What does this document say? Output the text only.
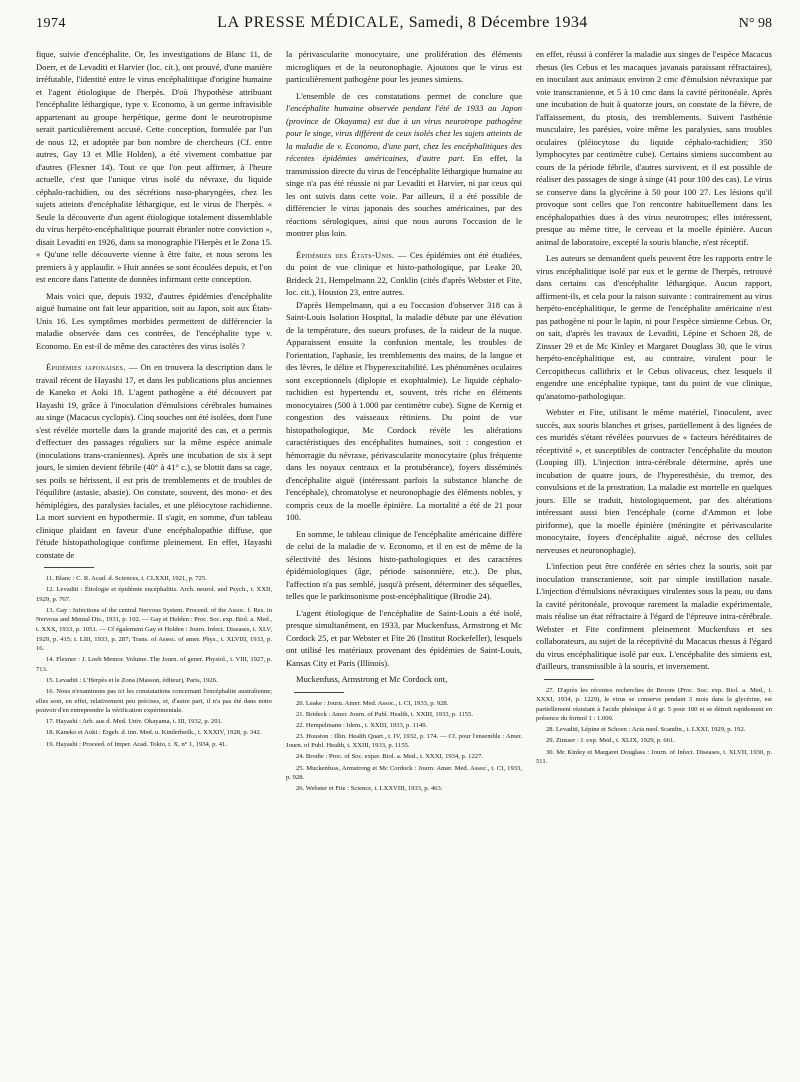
1974	LA PRESSE MÉDICALE, Samedi, 8 Décembre 1934	N° 98

fique, suivie d'encéphalite. Or, les investigations de Blanc 11, de Doerr, et de Levaditi et Harvier (loc. cit.), ont prouvé, d'une manière irréfutable, l'identité entre le virus encéphalitique d'origine humaine et l'agent étiologique de l'herpès. D'où l'hypothèse attribuant l'encéphalite léthargique, type v. Economo, à un germe infravisible appartenant au groupe herpétique, germe dont le neurotropisme serait particulièrement accusé. Cette conception, formulée par l'un de nous 12, et adoptée par bon nombre de chercheurs (Cf. entre autres, Gay 13 et Mlle Holden), a été vivement combattue par d'autres (Flexner 14). Tout ce que l'on peut affirmer, à l'heure actuelle, c'est que l'unique virus isolé du névraxe, du liquide céphalo-rachidien, ou des sécrétions naso-pharyngées, chez les sujets atteints d'encéphalite léthargique, est le virus de l'herpès. « Seule la découverte d'un agent étiologique totalement dissemblable du virus herpéto-encéphalitique pourrait ébranler notre conviction », disait Levaditi en 1926, dans sa monographie l'Herpès et le Zona 15. « Qu'une telle découverte vienne à être faite, et nous serons les premiers à y applaudir. » Huit années se sont écoulées depuis, et l'on est encore dans l'attente de données infirmant cette conception.

Mais voici que, depuis 1932, d'autres épidémies d'encéphalite aiguë humaine ont fait leur apparition, soit au Japon, soit aux États-Unis 16. Les symptômes morbides permettent de différencier la maladie observée dans ces contrées, de l'encéphalite type v. Economo. En est-il de même des caractères des virus isolés ?

Épidémies japonaises. — On en trouvera la description dans le travail récent de Hayashi 17, et dans les publications plus anciennes de Kaneko et Aoki 18. L'agent pathogène a été découvert par Hayashi 19, grâce à l'inoculation d'émulsions cérébrales humaines au singe (Macacus cyclopis). Cinq souches ont été isolées, dont l'une s'est révélée mortelle dans la grande majorité des cas, et a permis d'effectuer des passages réguliers sur la même espèce animale (inoculations trans-craniennes). Après une incubation de six à sept jours, le simien devient fébrile (40° à 41° c.), se blottit dans sa cage, ses poils se hérissent, il est pris de tremblements et de troubles de l'équilibre (astasie, abasie). On constate, souvent, des mono- et des hémiplégies, des paralysies faciales, et une pléiocytose rachidienne. La mort survient en hypothermie. Il s'agit, en somme, d'un tableau clinique plaidant en faveur d'une encéphalopathie diffuse, que l'étude histopathologique confirme pleinement. En effet, Hayashi constate de

11. Blanc : C. R. Acad. d. Sciences, t. CLXXII, 1921, p. 725.

12. Levaditi : Étiologie et épidémie encéphalitis. Arch. neurol. and Psych., t. XXII, 1929, p. 767.

13. Gay : Infections of the central Nervous System. Proceed. of the Assoc. f. Res. in Nervous and Mental Dis., 1931, p. 102. — Gay et Holden : Proc. Soc. exp. Biol. a. Med., t. XXX, 1933, p. 1051. — Cf également Gay et Holden : Journ. Infect. Diseases, t. XLV, 1929, p. 415; t. LIII, 1933, p. 287; Trans. of Assoc. of amer. Phys., t. XLVIII, 1933, p. 16.

14. Flexner : J. Loeb Memor. Volume. The Journ. of gener. Physiol., t. VIII, 1927, p. 713.

15. Levaditi : L'Herpès et le Zona (Masson, éditeur), Paris, 1926.

16. Nous n'examinons pas ici les constatations concernant l'encéphalite australienne; elles sont, en effet, relativement peu précises, et, d'autre part, il n'a pas été dans notre pouvoir d'en entreprendre la vérification expérimentale.

17. Hayashi : Arb. aus d. Med. Univ. Okayama, t. III, 1932, p. 201.

18. Kaneko et Aoki : Ergeb. d. inn. Med. u. Kinderheilk., t. XXXIV, 1928, p. 342.

19. Hayashi : Proceed. of Imper. Acad. Tokio, t. X, n° 1, 1934, p. 41.

la périvascularite monocytaire, une prolifération des éléments microgliques et de la neuronophagie. Ajoutons que le virus est particulièrement pathogène pour les jeunes simiens.

L'ensemble de ces constatations permet de conclure que l'encéphalite humaine observée pendant l'été de 1933 au Japon (province de Okayama) est due à un virus neurotrope pathogène pour le singe, virus différent de ceux isolés chez les sujets atteints de la maladie de v. Economo, d'une part, chez les encéphalitiques des récentes épidémies américaines, d'autre part. En effet, la transmission directe du virus de l'encéphalite léthargique humaine au singe n'a pas été réussie ni par Levaditi et Harvier, ni par ceux qui les ont suivis dans cette voie. Par ailleurs, il a été possible de différencier le virus japonais des souches américaines, par des réactions sérologiques, ainsi que nous aurons l'occasion de le montrer plus loin.

Épidémies des États-Unis. — Ces épidémies ont été étudiées, du point de vue clinique et histo-pathologique, par Leake 20, Brideck 21, Hempelmann 22, Conklin (cités d'après Webster et Fite, loc. cit.), Houston 23, entre autres.

D'après Hempelmann, qui a eu l'occasion d'observer 318 cas à Saint-Louis Isolation Hospital, la maladie débute par une élévation de la température, des sueurs profuses, de la raideur de la nuque. Apparaissent ensuite la confusion mentale, les troubles de l'orientation, l'aphasie, les tremblements des mains, de la langue et des lèvres, le délire et l'hyperexcitabilité. Les phénomènes oculaires sont exceptionnels (diplopie et exophtalmie). Le liquide céphalo-rachidien est hypertendu et, souvent, très riche en éléments monocytaires (500 à 1.000 par centimètre cube). Signe de Kernig et congestion des vaisseaux rétiniens. Du point de vue histopathologique, Mc Cordock révèle les altérations caractéristiques des encéphalites humaines, soit : congestion et hémorragie du névraxe, périvascularite monocytaire (plus fréquente dans les noyaux centraux et la protubérance), foyers disséminés d'encéphalite aiguë (intéressant parfois la substance blanche de l'encéphale), chromatolyse et neuronophagie des éléments nobles, y compris ceux de la moelle épinière. La mortalité a été de 21 pour 100.

En somme, le tableau clinique de l'encéphalite américaine diffère de celui de la maladie de v. Economo, et il en est de même de la sélectivité des lésions histo-pathologiques et des caractères épidémiologiques (âge, période saisonnière, etc.). De plus, l'affection n'a pas semblé, jusqu'à présent, déterminer des séquelles, telles que le parkinsonisme post-encéphalitique (Brodie 24).

L'agent étiologique de l'encéphalite de Saint-Louis a été isolé, presque simultanément, en 1933, par Muckenfuss, Armstrong et Mc Cordock 25, et par Webster et Fite 26 (Institut Rockefeller), lesquels ont utilisé les matériaux provenant des épidémies de Saint-Louis, Kansas City et Paris (Illinois).

Muckenfuss, Armstrong et Mc Cordock ont,

20. Leake : Journ. Amer. Med. Assoc., t. CI, 1933, p. 928.

21. Brideck : Amer. Journ. of Publ. Health, t. XXIII, 1933, p. 1155.

22. Hempelmann : Idem., t. XXIII, 1933, p. 1149.

23. Houston : Illin. Health Quart., t. IV, 1932, p. 174. — Cf. pour l'ensemble : Amer. Journ. of Publ. Health, t. XXIII, 1933, p. 1155.

24. Brodie : Proc. of Soc. exper. Biol. a. Med., t. XXXI, 1934, p. 1227.

25. Muckenfuss, Armstrong et Mc Cordock : Journ. Amer. Med. Assoc., t. CI, 1933, p. 928.

26. Webster et Fite : Science, t. LXXVIII, 1933, p. 463.

en effet, réussi à conférer la maladie aux singes de l'espèce Macacus rhesus (les Cebus et les macaques javanais paraissant réfractaires), en inoculant aux animaux environ 2 cmc d'émulsion névraxique par voie transcranienne, et 5 à 10 cmc dans la cavité péritonéale. Après une incubation de huit à quatorze jours, on constate de la fièvre, de l'affaissement, du ptosis, des tremblements. Suivent l'asthénie musculaire, les parésies, voire même les paralysies, sans troubles oculaires (pléiocytose du liquide céphalo-rachidien; 350 lymphocytes par centimètre cube). Certains simiens succombent au cours de la période fébrile, d'autres survivent, et il est possible de réaliser des passages de singe à singe (41 pour 100 des cas). Le virus se conserve dans la glycérine à 50 pour 100 27. Les lésions qu'il provoque sont celles que l'on rencontre habituellement dans les encéphalopathies dues à des virus neurotropes; elles intéressent, presque au même titre, le cerveau et la moelle épinière. Aucun animal de laboratoire, excepté la souris blanche, n'est réceptif.

Les auteurs se demandent quels peuvent être les rapports entre le virus encéphalitique isolé par eux et le germe de l'herpès, retrouvé dans certains cas d'encéphalite léthargique. Aucun rapport, affirment-ils, et cela pour la raison suivante : contrairement au virus herpéto-encéphalitique, le germe de l'encéphalite américaine n'est pas pathogène ni pour le lapin, ni pour l'espèce simienne Cebus. Or, on sait, d'après les travaux de Levaditi, Lépine et Schoen 28, de Zinsser 29 et de Mc Kinley et Margaret Douglass 30, que le virus herpéto-encéphalitique est, au contraire, virulent pour le Cercopithecus callithrix et le Cebus olivaceus, chez lesquels il engendre une encéphalite typique, tant du point de vue clinique, qu'anatomo-pathologique.

Webster et Fite, utilisant le même matériel, l'inoculent, avec succès, aux souris blanches et grises, partiellement à des lignées de ces muridés s'étant révélées pourvues de « facteurs héréditaires de réceptivité », et susceptibles de contracter l'encéphalite du mouton (Louping ill). L'injection intra-cérébrale détermine, après une incubation de quatre jours, de l'hyperesthésie, du tremor, des convulsions et de la prostration. La maladie est mortelle en quelques jours. Elle se traduit, histologiquement, par des altérations intéressant aussi bien l'encéphale (corne d'Ammon et lobe piriforme), que la moelle épinière (méningite et périvascularite monocytaire, foyers d'encéphalite aiguë, nécrose des cellules nerveuses et neuronophagie).

L'infection peut être conférée en séries chez la souris, soit par inoculation transcranienne, soit par simple instillation nasale. L'injection d'émulsions névraxiques virulentes sous la peau, ou dans la cavité péritonéale, provoque rarement la maladie expérimentale, mais réalise un état réfractaire à l'égard de l'épreuve intra-cérébrale. Webster et Fite confirment pleinement Muckenfuss et ses collaborateurs, au sujet de la réceptivité du Macacus rhesus à l'égard du virus encéphalitique isolé par eux. L'encéphalite des simiens est, d'ailleurs, transmissible à la souris, et inversement.

27. D'après les récentes recherches de Broom (Proc. Soc. exp. Biol. a. Med., t. XXXI, 1934, p. 1229), le virus se conserve pendant 3 mois dans la glycérine, est partiellement résistant à l'acide phénique à 0 gr. 5 pour 100 et se détruit rapidement en présence du formol 1 : 1.000.

28. Levaditi, Lépine et Schoen : Acta med. Scandin., t. LXXI, 1929, p. 192.

29. Zinsser : J. exp. Med., t. XLIX, 1929, p. 661.

30. Mc Kinley et Margaret Douglass : Journ. of Infect. Diseases, t. XLVII, 1930, p. 511.
